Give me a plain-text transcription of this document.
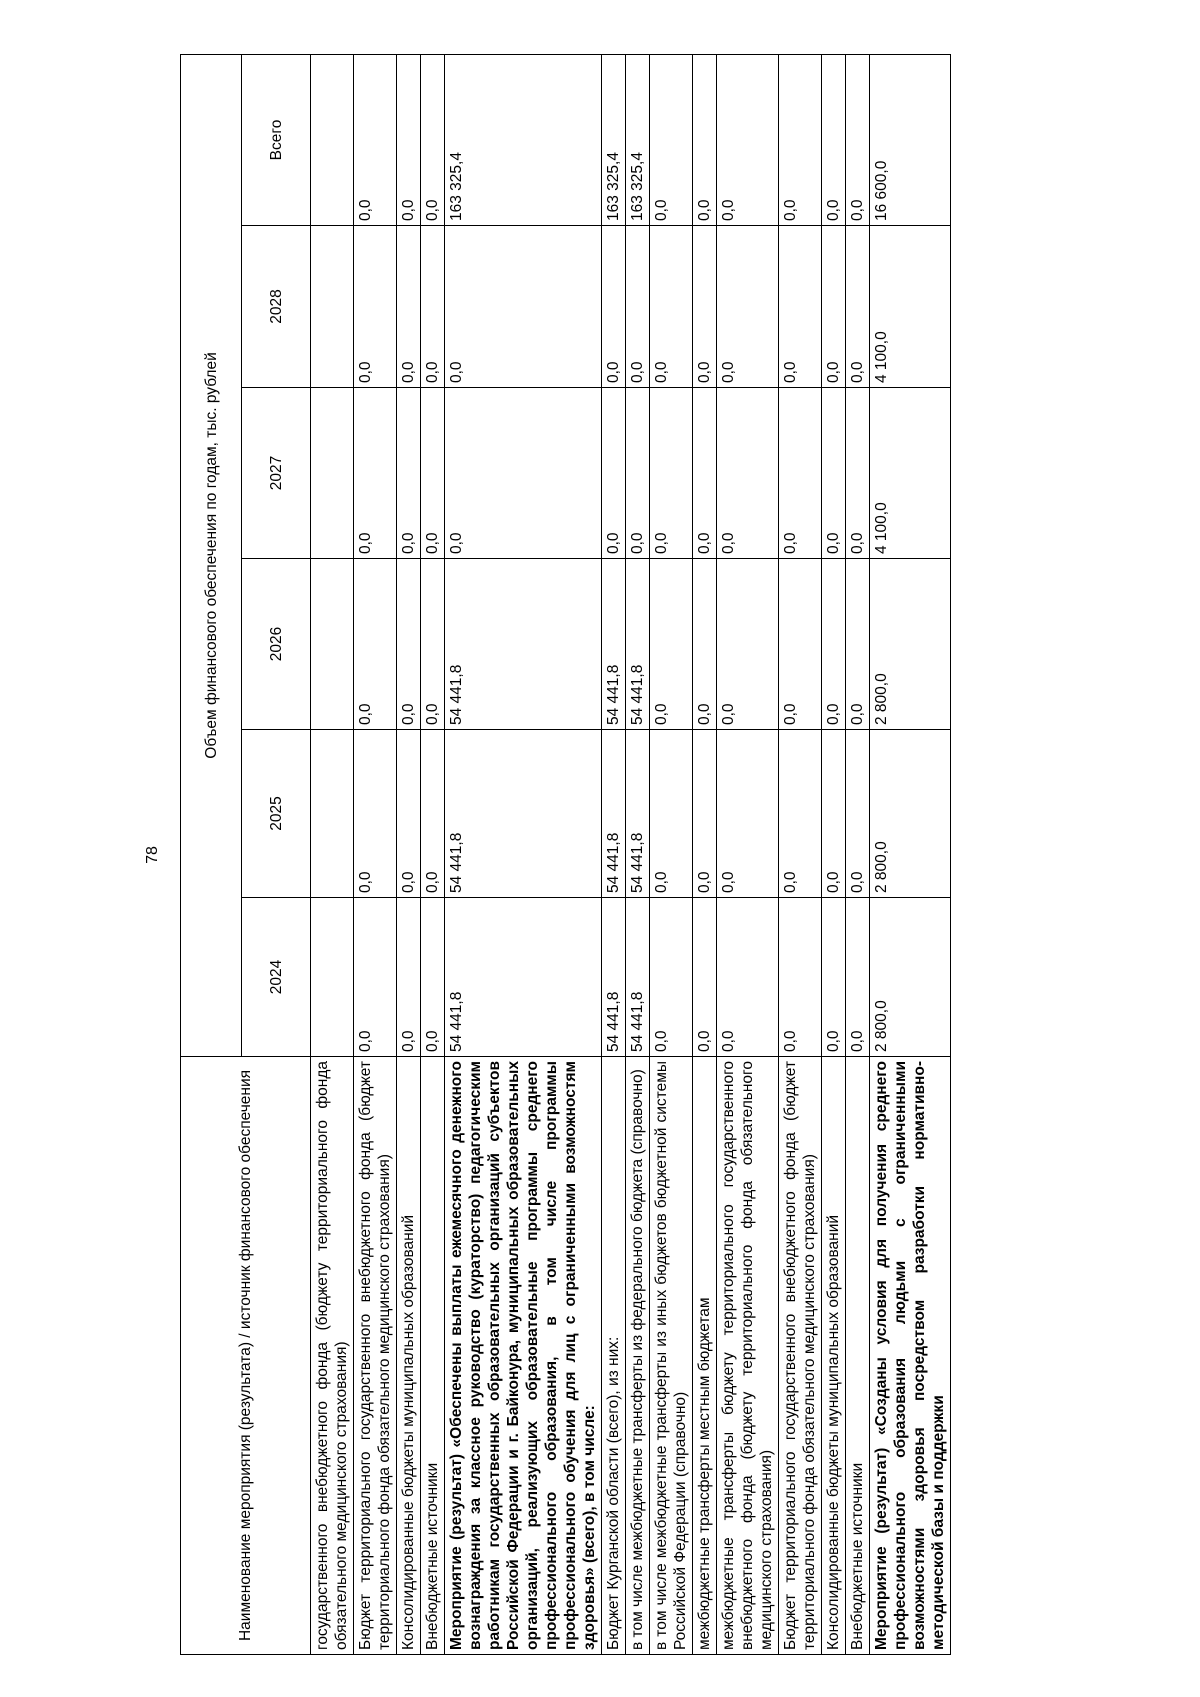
78
Наименование мероприятия (результата) / источник финансового обеспечения	Объем финансового обеспечения по годам, тыс. рублей					
	2024	2025	2026	2027	2028	Всего
государственного внебюджетного фонда (бюджету территориального фонда обязательного медицинского страхования)						
Бюджет территориального государственного внебюджетного фонда (бюджет территориального фонда обязательного медицинского страхования)	0,0	0,0	0,0	0,0	0,0	0,0
Консолидированные бюджеты муниципальных образований	0,0	0,0	0,0	0,0	0,0	0,0
Внебюджетные источники	0,0	0,0	0,0	0,0	0,0	0,0
Мероприятие (результат) «Обеспечены выплаты ежемесячного денежного вознаграждения за классное руководство (кураторство) педагогическим работникам государственных образовательных организаций субъектов Российской Федерации и г. Байконура, муниципальных образовательных организаций, реализующих образовательные программы среднего профессионального образования, в том числе программы профессионального обучения для лиц с ограниченными возможностям здоровья» (всего), в том числе:	54 441,8	54 441,8	54 441,8	0,0	0,0	163 325,4
Бюджет Курганской области (всего), из них:	54 441,8	54 441,8	54 441,8	0,0	0,0	163 325,4
в том числе межбюджетные трансферты из федерального бюджета (справочно)	54 441,8	54 441,8	54 441,8	0,0	0,0	163 325,4
в том числе межбюджетные трансферты из иных бюджетов бюджетной системы Российской Федерации (справочно)	0,0	0,0	0,0	0,0	0,0	0,0
межбюджетные трансферты местным бюджетам	0,0	0,0	0,0	0,0	0,0	0,0
межбюджетные трансферты бюджету территориального государственного внебюджетного фонда (бюджету территориального фонда обязательного медицинского страхования)	0,0	0,0	0,0	0,0	0,0	0,0
Бюджет территориального государственного внебюджетного фонда (бюджет территориального фонда обязательного медицинского страхования)	0,0	0,0	0,0	0,0	0,0	0,0
Консолидированные бюджеты муниципальных образований	0,0	0,0	0,0	0,0	0,0	0,0
Внебюджетные источники	0,0	0,0	0,0	0,0	0,0	0,0
Мероприятие (результат) «Созданы условия для получения среднего профессионального образования людьми с ограниченными возможностями здоровья посредством разработки нормативно-методической базы и поддержки	2 800,0	2 800,0	2 800,0	4 100,0	4 100,0	16 600,0
